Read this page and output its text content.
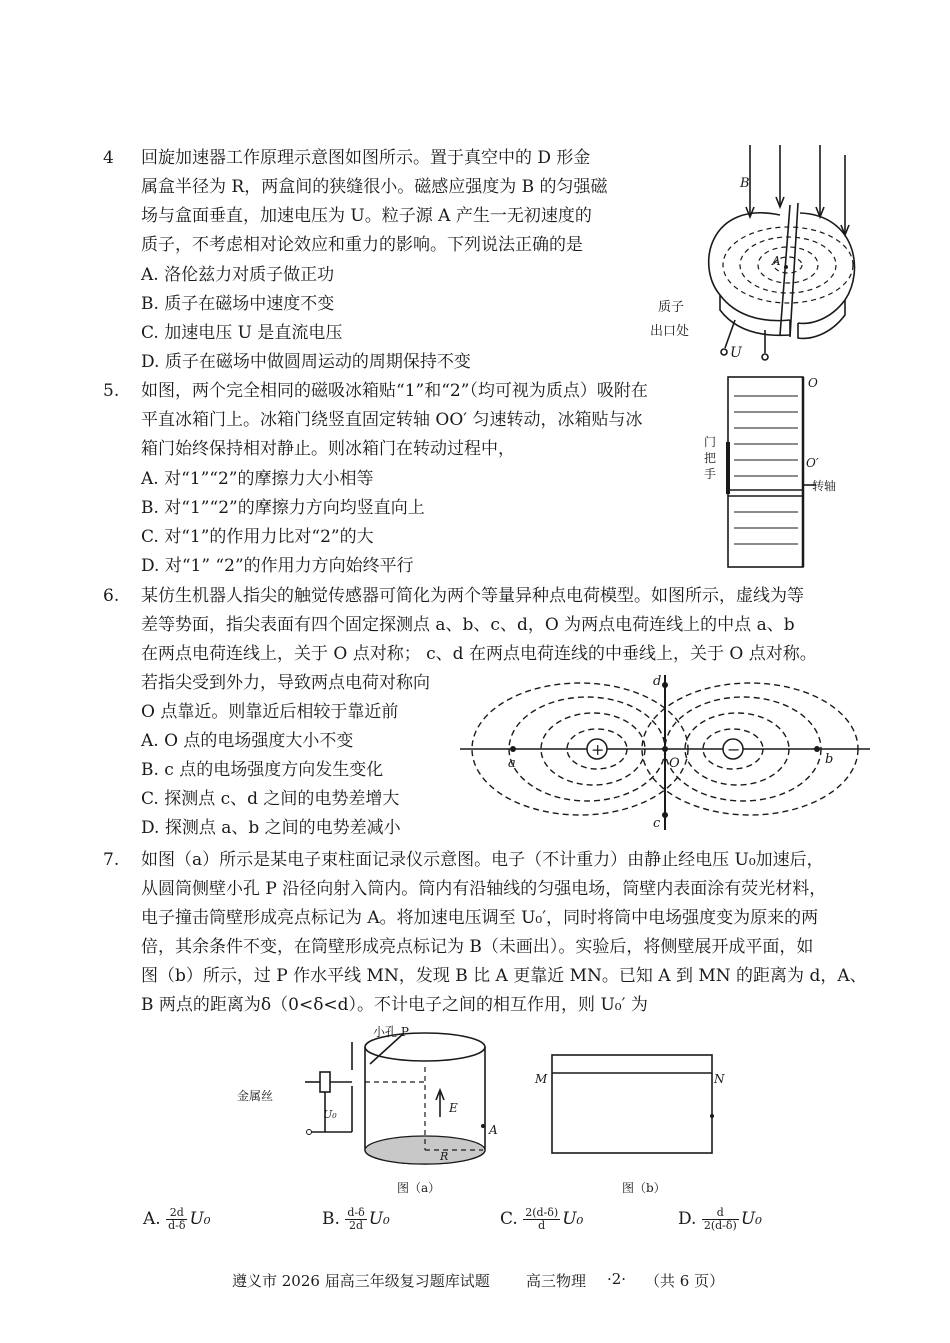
4 回旋加速器工作原理示意图如图所示。置于真空中的 D 形金
属盒半径为 R，两盒间的狭缝很小。磁感应强度为 B 的匀强磁
场与盒面垂直，加速电压为 U。粒子源 A 产生一无初速度的
质子，不考虑相对论效应和重力的影响。下列说法正确的是
A. 洛伦兹力对质子做正功
B. 质子在磁场中速度不变
C. 加速电压 U 是直流电压
D. 质子在磁场中做圆周运动的周期保持不变
B
A
质子
出口处
U
5. 如图，两个完全相同的磁吸冰箱贴“1”和“2”（均可视为质点）吸附在
平直冰箱门上。冰箱门绕竖直固定转轴 OO′ 匀速转动，冰箱贴与冰
箱门始终保持相对静止。则冰箱门在转动过程中，
A. 对“1”“2”的摩擦力大小相等
B. 对“1”“2”的摩擦力方向均竖直向上
C. 对“1”的作用力比对“2”的大
D. 对“1” “2”的作用力方向始终平行
O
O′
门
把
手
转轴
6. 某仿生机器人指尖的触觉传感器可简化为两个等量异种点电荷模型。如图所示，虚线为等
差等势面，指尖表面有四个固定探测点 a、b、c、d，O 为两点电荷连线上的中点 a、b
在两点电荷连线上，关于 O 点对称； c、d 在两点电荷连线的中垂线上，关于 O 点对称。
若指尖受到外力，导致两点电荷对称向
O 点靠近。则靠近后相较于靠近前
A. O 点的电场强度大小不变
B. c 点的电场强度方向发生变化
C. 探测点 c、d 之间的电势差增大
D. 探测点 a、b 之间的电势差减小
+	−
a	b
c
d
O
7. 如图（a）所示是某电子束柱面记录仪示意图。电子（不计重力）由静止经电压 U₀加速后，
从圆筒侧壁小孔 P 沿径向射入筒内。筒内有沿轴线的匀强电场，筒壁内表面涂有荧光材料，
电子撞击筒壁形成亮点标记为 A。将加速电压调至 U₀′，同时将筒中电场强度变为原来的两
倍，其余条件不变，在筒壁形成亮点标记为 B（未画出）。实验后，将侧壁展开成平面，如
图（b）所示，过 P 作水平线 MN，发现 B 比 A 更靠近 MN。已知 A 到 MN 的距离为 d，A、
B 两点的距离为δ（0<δ<d）。不计电子之间的相互作用，则 U₀′ 为
小孔 P
金属丝
U₀	E
A
R
图（a）
M	N
图（b）
A. $\frac{2d}{d-\delta} U_0$	B. $\frac{d-\delta}{2d} U_0$	C. $\frac{2(d-\delta)}{d} U_0$	D. $\frac{d}{2(d-\delta)} U_0$
遵义市 2026 届高三年级复习题库试题 高三物理 ·2· （共 6 页）
